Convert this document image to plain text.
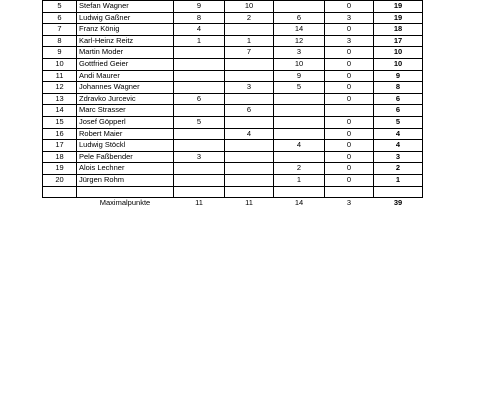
5	Stefan Wagner	9	10		0	19
6	Ludwig Gaßner	8	2	6	3	19
7	Franz König	4		14	0	18
8	Karl-Heinz Reitz	1	1	12	3	17
9	Martin Moder		7	3	0	10
10	Gottfried Geier			10	0	10
11	Andi Maurer			9	0	9
12	Johannes Wagner		3	5	0	8
13	Zdravko Jurcevic	6			0	6
14	Marc Strasser		6			6
15	Josef Göpperl	5			0	5
16	Robert Maier		4		0	4
17	Ludwig Stöckl			4	0	4
18	Pele Faßbender	3			0	3
19	Alois Lechner			2	0	2
20	Jürgen Rohm			1	0	1

	Maximalpunkte	11	11	14	3	39
